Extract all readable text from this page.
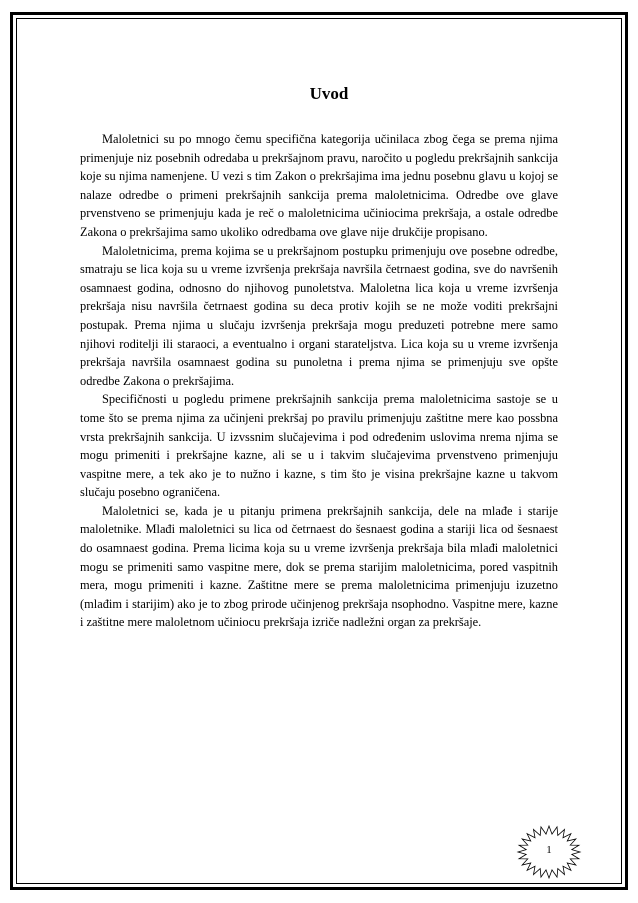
Uvod

Maloletnici su po mnogo čemu specifična kategorija učinilaca zbog čega se prema njima primenjuje niz posebnih odredaba u prekršajnom pravu, naročito u pogledu prekršajnih sankcija koje su njima namenjene. U vezi s tim Zakon o prekršajima ima jednu posebnu glavu u kojoj se nalaze odredbe o primeni prekršajnih sankcija prema maloletnicima. Odredbe ove glave prvenstveno se primenjuju kada je reč o maloletnicima učiniocima prekršaja, a ostale odredbe Zakona o prekršajima samo ukoliko odredbama ove glave nije drukčije propisano.

Maloletnicima, prema kojima se u prekršajnom postupku primenjuju ove posebne odredbe, smatraju se lica koja su u vreme izvršenja prekršaja navršila četrnaest godina, sve do navršenih osamnaest godina, odnosno do njihovog punoletstva. Maloletna lica koja u vreme izvršenja prekršaja nisu navršila četrnaest godina su deca protiv kojih se ne može voditi prekršajni postupak. Prema njima u slučaju izvršenja prekršaja mogu preduzeti potrebne mere samo njihovi roditelji ili staraoci, a eventualno i organi starateljstva. Lica koja su u vreme izvršenja prekršaja navršila osamnaest godina su punoletna i prema njima se primenjuju sve opšte odredbe Zakona o prekršajima.

Specifičnosti u pogledu primene prekršajnih sankcija prema maloletnicima sastoje se u tome što se prema njima za učinjeni prekršaj po pravilu primenjuju zaštitne mere kao possbna vrsta prekršajnih sankcija. U izvssnim slučajevima i pod određenim uslovima nrema njima se mogu primeniti i prekršajne kazne, ali se u i takvim slučajevima prvenstveno primenjuju vaspitne mere, a tek ako je to nužno i kazne, s tim što je visina prekršajne kazne u takvom slučaju posebno ograničena.

Maloletnici se, kada je u pitanju primena prekršajnih sankcija, dele na mlađe i starije maloletnike. Mlađi maloletnici su lica od četrnaest do šesnaest godina a stariji lica od šesnaest do osamnaest godina. Prema licima koja su u vreme izvršenja prekršaja bila mlađi maloletnici mogu se primeniti samo vaspitne mere, dok se prema starijim maloletnicima, pored vaspitnih mera, mogu primeniti i kazne. Zaštitne mere se prema maloletnicima primenjuju izuzetno (mlađim i starijim) ako je to zbog prirode učinjenog prekršaja nsophodno. Vaspitne mere, kazne i zaštitne mere maloletnom učiniocu prekršaja izriče nadležni organ za prekršaje.

1
